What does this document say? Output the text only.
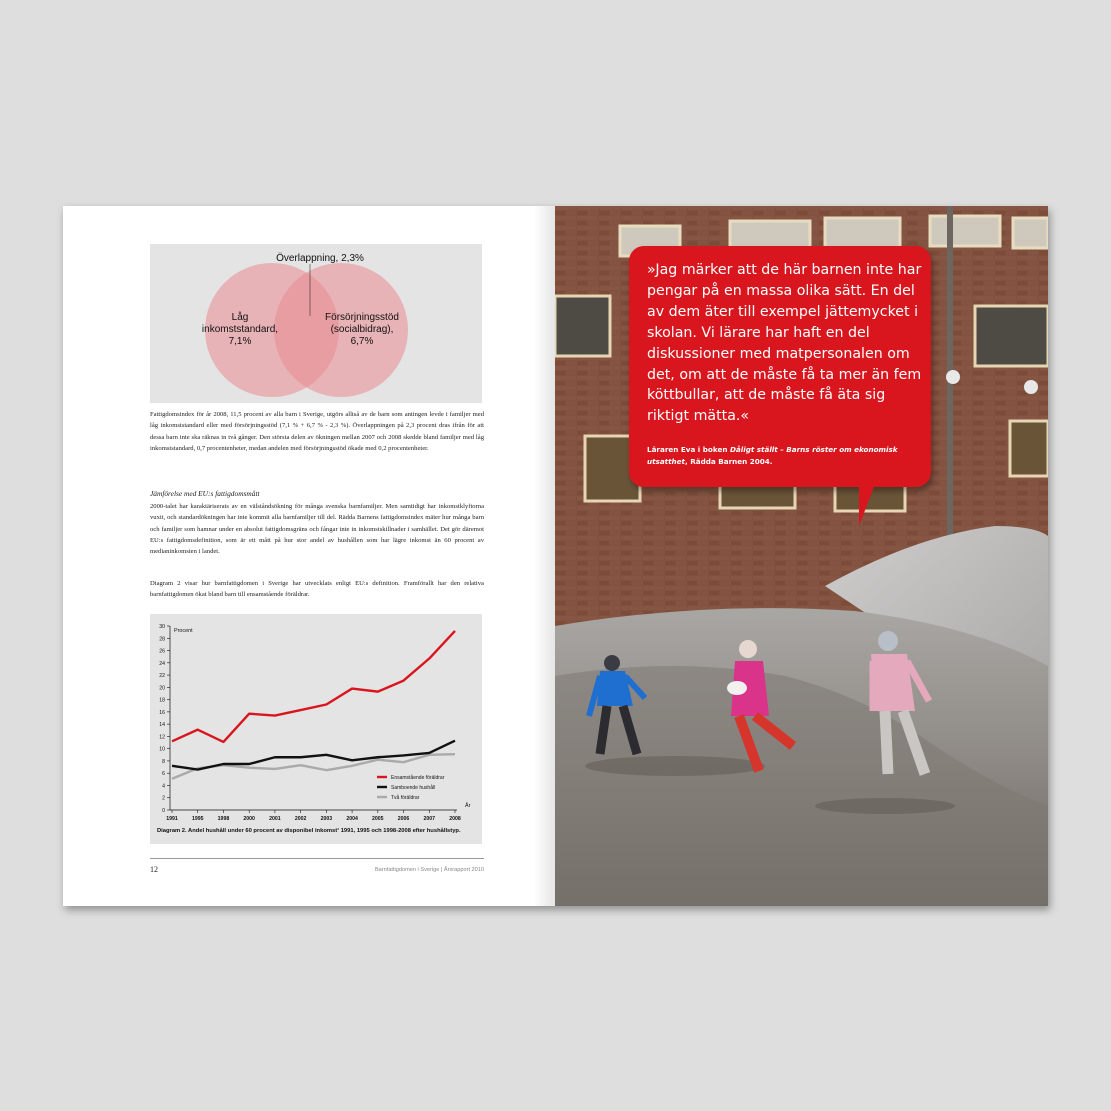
Överlappning, 2,3%
Låg
inkomststandard,
7,1%
Försörjningsstöd
(socialbidrag),
6,7%
Fattigdomsindex för år 2008, 11,5 procent av alla barn i Sverige, utgörs alltså av de barn som antingen levde i familjer med låg inkomststandard eller med försörjningsstöd (7,1 % + 6,7 % - 2,3 %). Överlappningen på 2,3 procent dras ifrån för att dessa barn inte ska räknas in två gånger. Den största delen av ökningen mellan 2007 och 2008 skedde bland familjer med låg inkomststandard, 0,7 procentenheter, medan andelen med försörjningsstöd ökade med 0,2 procentenheter.
Jämförelse med EU:s fattigdomsmått
2000-talet har karaktäriserats av en välståndsökning för många svenska barnfamiljer. Men samtidigt har inkomstklyftorna vuxit, och standardökningen har inte kommit alla barnfamiljer till del. Rädda Barnens fattigdomsindex mäter hur många barn och familjer som hamnar under en absolut fattigdomsgräns och fångar inte in inkomstskillnader i samhället. Det gör däremot EU:s fattigdomsdefinition, som är ett mått på hur stor andel av hushållen som har lägre inkomst än 60 procent av medianinkomsten i landet.
Diagram 2 visar hur barnfattigdomen i Sverige har utvecklats enligt EU:s definition. Framförallt har den relativa barnfattigdomen ökat bland barn till ensamstående föräldrar.
0
2
4
6
8
10
12
14
16
18
20
22
24
26
28
30
Procent
1991	1995	1998	2000	2001	2002	2003	2004	2005	2006	2007	2008
År
Ensamstående föräldrar
Samboende hushåll
Två föräldrar
Diagram 2. Andel hushåll under 60 procent av disponibel inkomst¹ 1991, 1995 och 1998-2008 efter hushållstyp.
12	Barnfattigdomen i Sverige | Årsrapport 2010
»Jag märker att de här barnen inte har pengar på en massa olika sätt. En del av dem äter till exempel jättemycket i skolan. Vi lärare har haft en del diskussioner med matpersonalen om det, om att de måste få ta mer än fem köttbullar, att de måste få äta sig riktigt mätta.«
Läraren Eva i boken Dåligt ställt – Barns röster om ekonomisk utsatthet, Rädda Barnen 2004.
